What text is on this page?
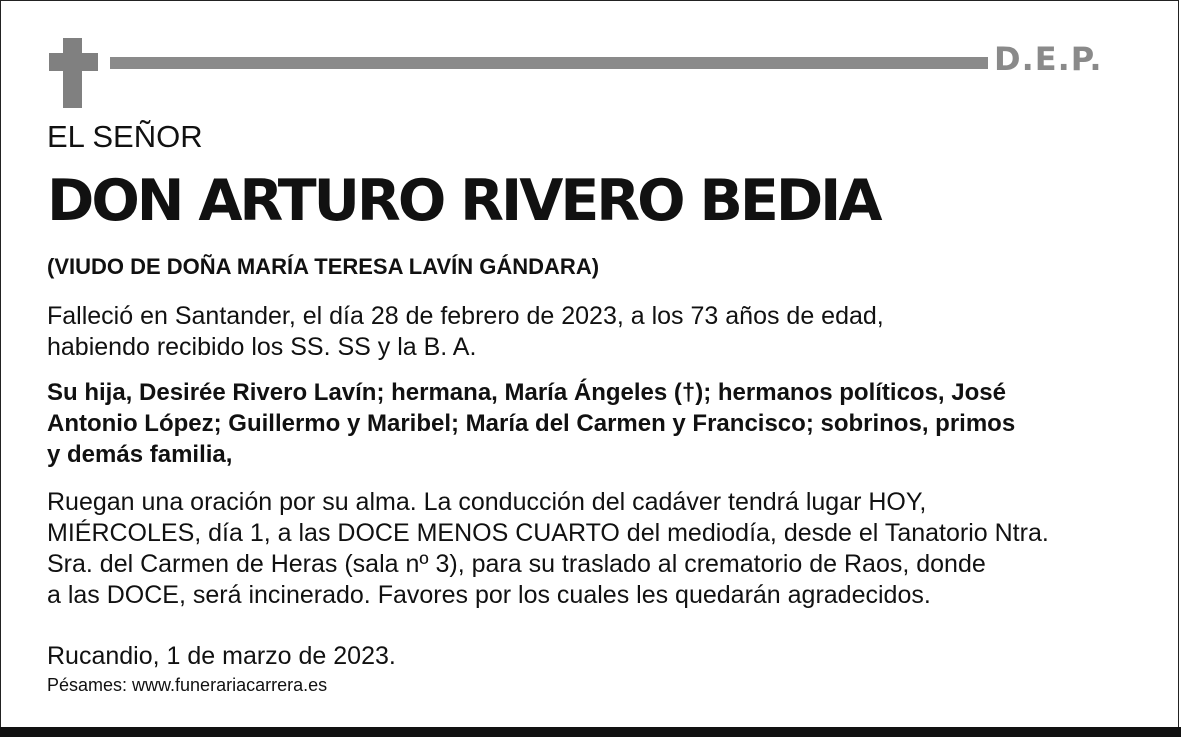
D.E.P.
EL SEÑOR
DON ARTURO RIVERO BEDIA
(VIUDO DE DOÑA MARÍA TERESA LAVÍN GÁNDARA)
Falleció en Santander, el día 28 de febrero de 2023, a los 73 años de edad,
habiendo recibido los SS. SS y la B. A.
Su hija, Desirée Rivero Lavín; hermana, María Ángeles (†); hermanos políticos, José
Antonio López; Guillermo y Maribel; María del Carmen y Francisco; sobrinos, primos
y demás familia,
Ruegan una oración por su alma. La conducción del cadáver tendrá lugar HOY,
MIÉRCOLES, día 1, a las DOCE MENOS CUARTO del mediodía, desde el Tanatorio Ntra.
Sra. del Carmen de Heras (sala nº 3), para su traslado al crematorio de Raos, donde
a las DOCE, será incinerado. Favores por los cuales les quedarán agradecidos.
Rucandio, 1 de marzo de 2023.
Pésames: www.funerariacarrera.es
